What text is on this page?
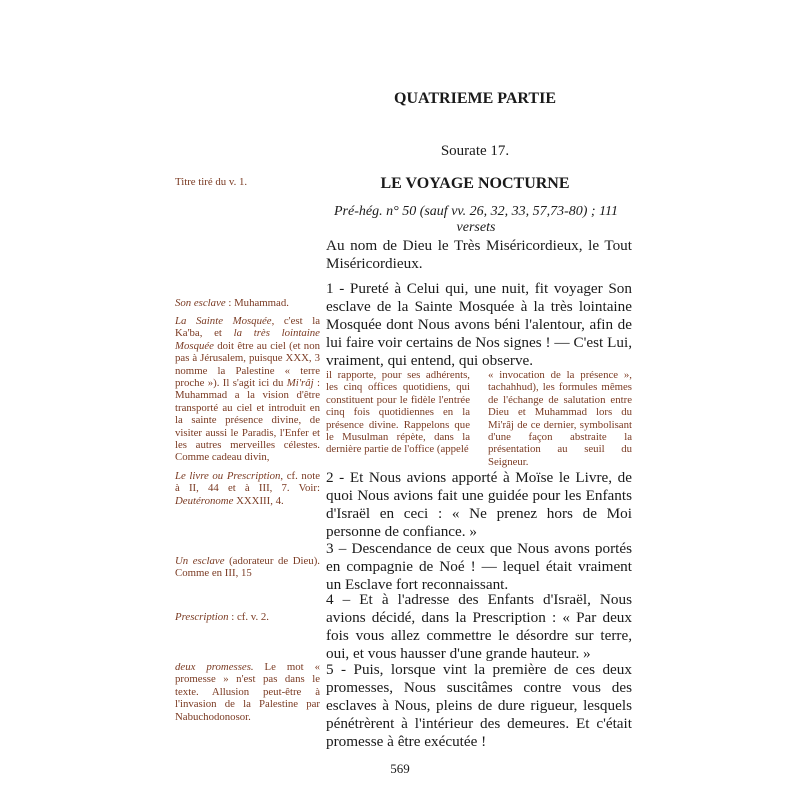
QUATRIEME PARTIE
Sourate 17.
LE VOYAGE NOCTURNE
Pré-hég. n° 50 (sauf vv. 26, 32, 33, 57,73-80) ; 111 versets
Titre tiré du v. 1.
Son esclave : Muhammad.
La Sainte Mosquée, c'est la Ka'ba, et la très lointaine Mosquée doit être au ciel (et non pas à Jérusalem, puisque XXX, 3 nomme la Palestine « terre proche »). Il s'agit ici du Mi'râj : Muhammad a la vision d'être transporté au ciel et introduit en la sainte présence divine, de visiter aussi le Paradis, l'Enfer et les autres merveilles célestes. Comme cadeau divin,
Le livre ou Prescription, cf. note à II, 44 et à III, 7. Voir: Deutéronome XXXIII, 4.
Un esclave (adorateur de Dieu). Comme en III, 15
Prescription : cf. v. 2.
deux promesses. Le mot « promesse » n'est pas dans le texte. Allusion peut-être à l'invasion de la Palestine par Nabuchodonosor.
Au nom de Dieu le Très Miséricordieux, le Tout Miséricordieux.
1 - Pureté à Celui qui, une nuit, fit voyager Son esclave de la Sainte Mosquée à la très lointaine Mosquée dont Nous avons béni l'alentour, afin de lui faire voir certains de Nos signes ! — C'est Lui, vraiment, qui entend, qui observe.
il rapporte, pour ses adhérents, les cinq offices quotidiens, qui constituent pour le fidèle l'entrée cinq fois quotidiennes en la présence divine. Rappelons que le Musulman répète, dans la dernière partie de l'office (appelé
« invocation de la présence », tachahhud), les formules mêmes de l'échange de salutation entre Dieu et Muhammad lors du Mi'râj de ce dernier, symbolisant d'une façon abstraite la présentation au seuil du Seigneur.
2 - Et Nous avions apporté à Moïse le Livre, de quoi Nous avions fait une guidée pour les Enfants d'Israël en ceci : « Ne prenez hors de Moi personne de confiance. »
3 – Descendance de ceux que Nous avons portés en compagnie de Noé ! — lequel était vraiment un Esclave fort reconnaissant.
4 – Et à l'adresse des Enfants d'Israël, Nous avions décidé, dans la Prescription : « Par deux fois vous allez commettre le désordre sur terre, oui, et vous hausser d'une grande hauteur. »
5 - Puis, lorsque vint la première de ces deux promesses, Nous suscitâmes contre vous des esclaves à Nous, pleins de dure rigueur, lesquels pénétrèrent à l'intérieur des demeures. Et c'était promesse à être exécutée !
569
